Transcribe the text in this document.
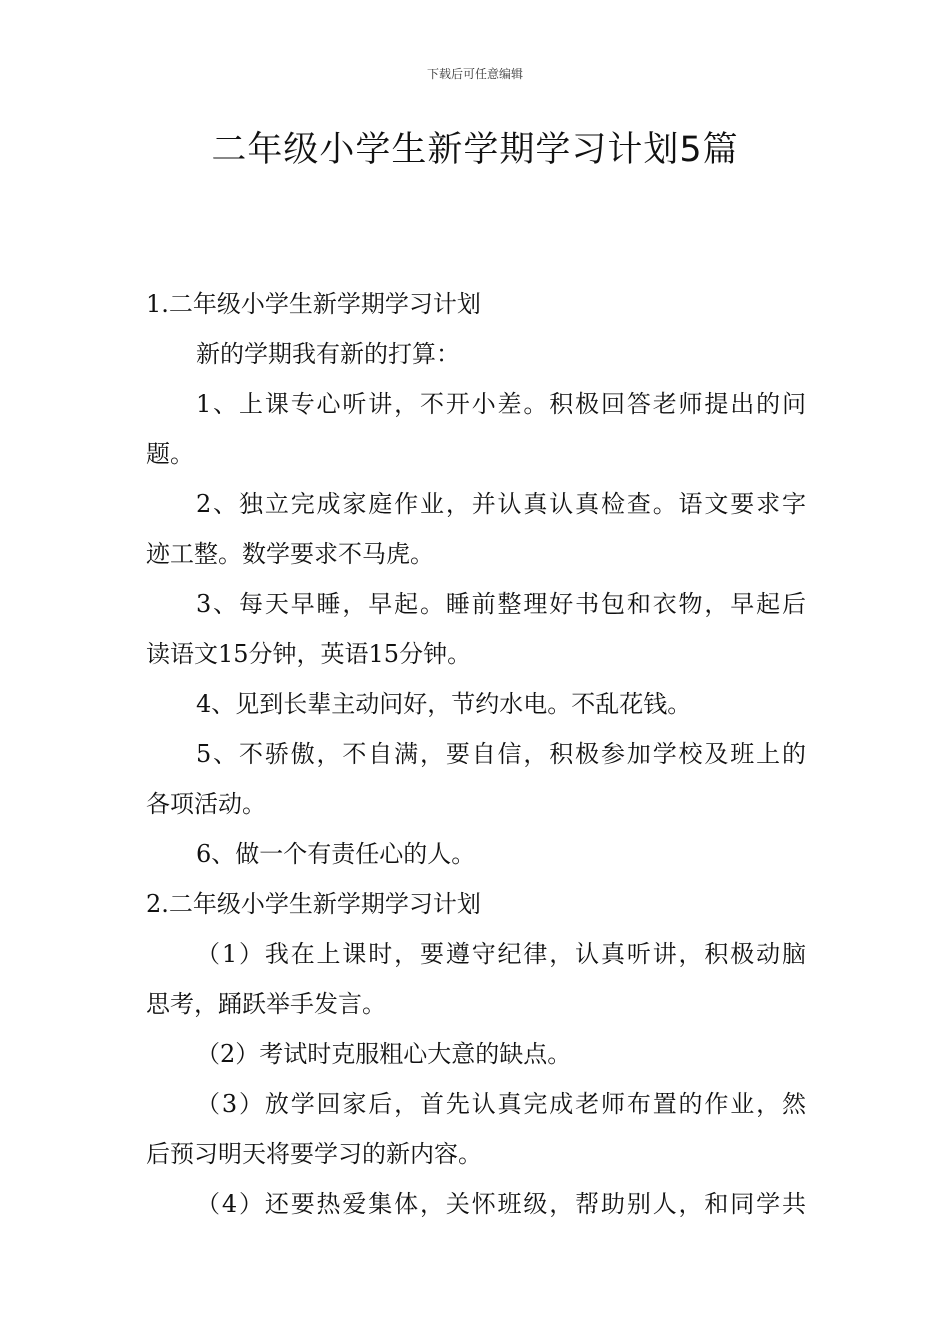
下载后可任意编辑
二年级小学生新学期学习计划5篇

1.二年级小学生新学期学习计划

新的学期我有新的打算：

1、上课专心听讲，不开小差。积极回答老师提出的问

题。

2、独立完成家庭作业，并认真认真检查。语文要求字

迹工整。数学要求不马虎。

3、每天早睡，早起。睡前整理好书包和衣物，早起后

读语文15分钟，英语15分钟。

4、见到长辈主动问好，节约水电。不乱花钱。

5、不骄傲，不自满，要自信，积极参加学校及班上的

各项活动。

6、做一个有责任心的人。

2.二年级小学生新学期学习计划

（1）我在上课时，要遵守纪律，认真听讲，积极动脑

思考，踊跃举手发言。

（2）考试时克服粗心大意的缺点。

（3）放学回家后，首先认真完成老师布置的作业，然

后预习明天将要学习的新内容。

（4）还要热爱集体，关怀班级，帮助别人，和同学共
